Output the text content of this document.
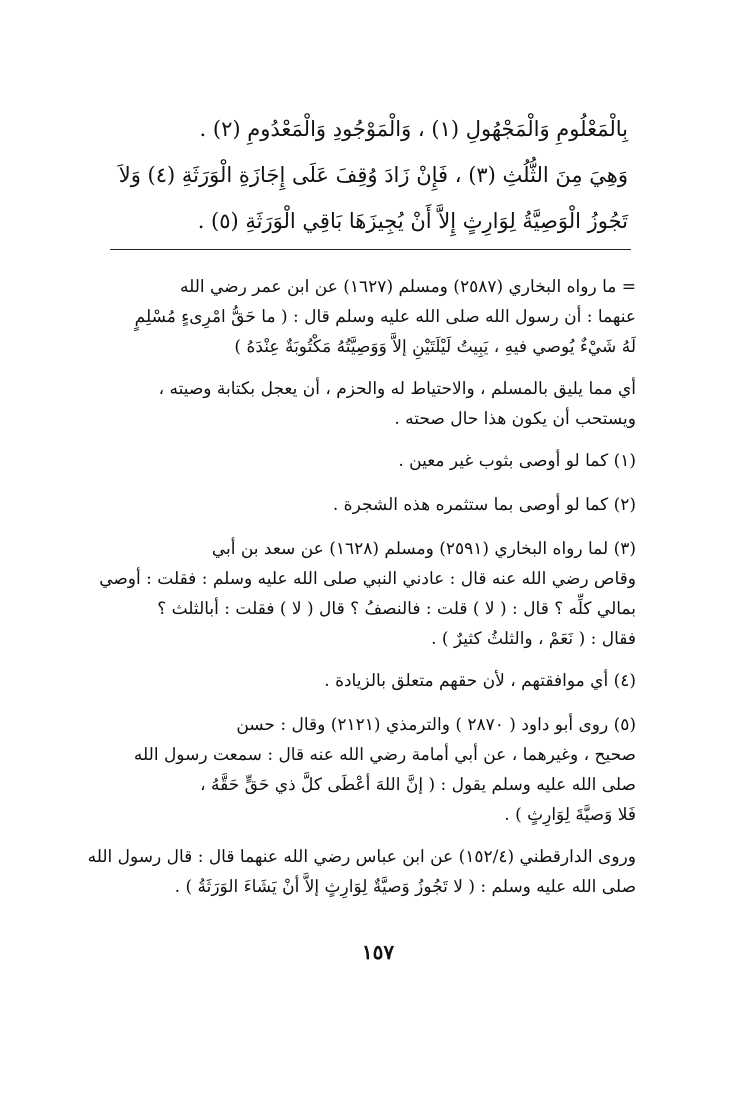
بِالْمَعْلُومِ وَالْمَجْهُولِ (١) ، وَالْمَوْجُودِ وَالْمَعْدُومِ (٢) .

وَهِيَ مِنَ الثُّلُثِ (٣) ، فَإِنْ زَادَ وُقِفَ عَلَى إِجَازَةِ الْوَرَثَةِ (٤) وَلاَ

تَجُوزُ الْوَصِيَّةُ لِوَارِثٍ إِلاَّ أَنْ يُجِيزَهَا بَاقِي الْوَرَثَةِ (٥) .

= ما رواه البخاري (٢٥٨٧) ومسلم (١٦٢٧) عن ابن عمر رضي الله

عنهما : أن رسول الله صلى الله عليه وسلم قال : ( ما حَقُّ امْرِىءٍ مُسْلِمٍ

لَهُ شَيْءٌ يُوصي فيهِ ، يَبِيتُ لَيْلَتَيْنِ إلاَّ وَوَصِيَّتُهُ مَكْتُوبَةٌ عِنْدَهُ )

أي مما يليق بالمسلم ، والاحتياط له والحزم ، أن يعجل بكتابة وصيته ،

ويستحب أن يكون هذا حال صحته .

(١) كما لو أوصى بثوب غير معين .

(٢) كما لو أوصى بما ستثمره هذه الشجرة .

(٣) لما رواه البخاري (٢٥٩١) ومسلم (١٦٢٨) عن سعد بن أبي

وقاص رضي الله عنه قال : عادني النبي صلى الله عليه وسلم : فقلت : أوصي

بمالي كلِّه ؟ قال : ( لا ) قلت : فالنصفُ ؟ قال ( لا ) فقلت : أبالثلث ؟

فقال : ( نَعَمْ ، والثلثُ كثيرٌ ) .

(٤) أي موافقتهم ، لأن حقهم متعلق بالزيادة .

(٥) روى أبو داود ( ٢٨٧٠ ) والترمذي (٢١٢١) وقال : حسن

صحيح ، وغيرهما ، عن أبي أمامة رضي الله عنه قال : سمعت رسول الله

صلى الله عليه وسلم يقول : ( إنَّ اللهَ أعْطَى كلَّ ذي حَقٍّ حَقَّهُ ،

فَلا وَصيَّةَ لِوَارِثٍ ) .

وروى الدارقطني (١٥٢/٤) عن ابن عباس رضي الله عنهما قال : قال رسول الله

صلى الله عليه وسلم : ( لا تَجُوزُ وَصيَّةٌ لِوَارِثٍ إلاَّ أنْ يَشَاءَ الوَرَثَةُ ) .

١٥٧
